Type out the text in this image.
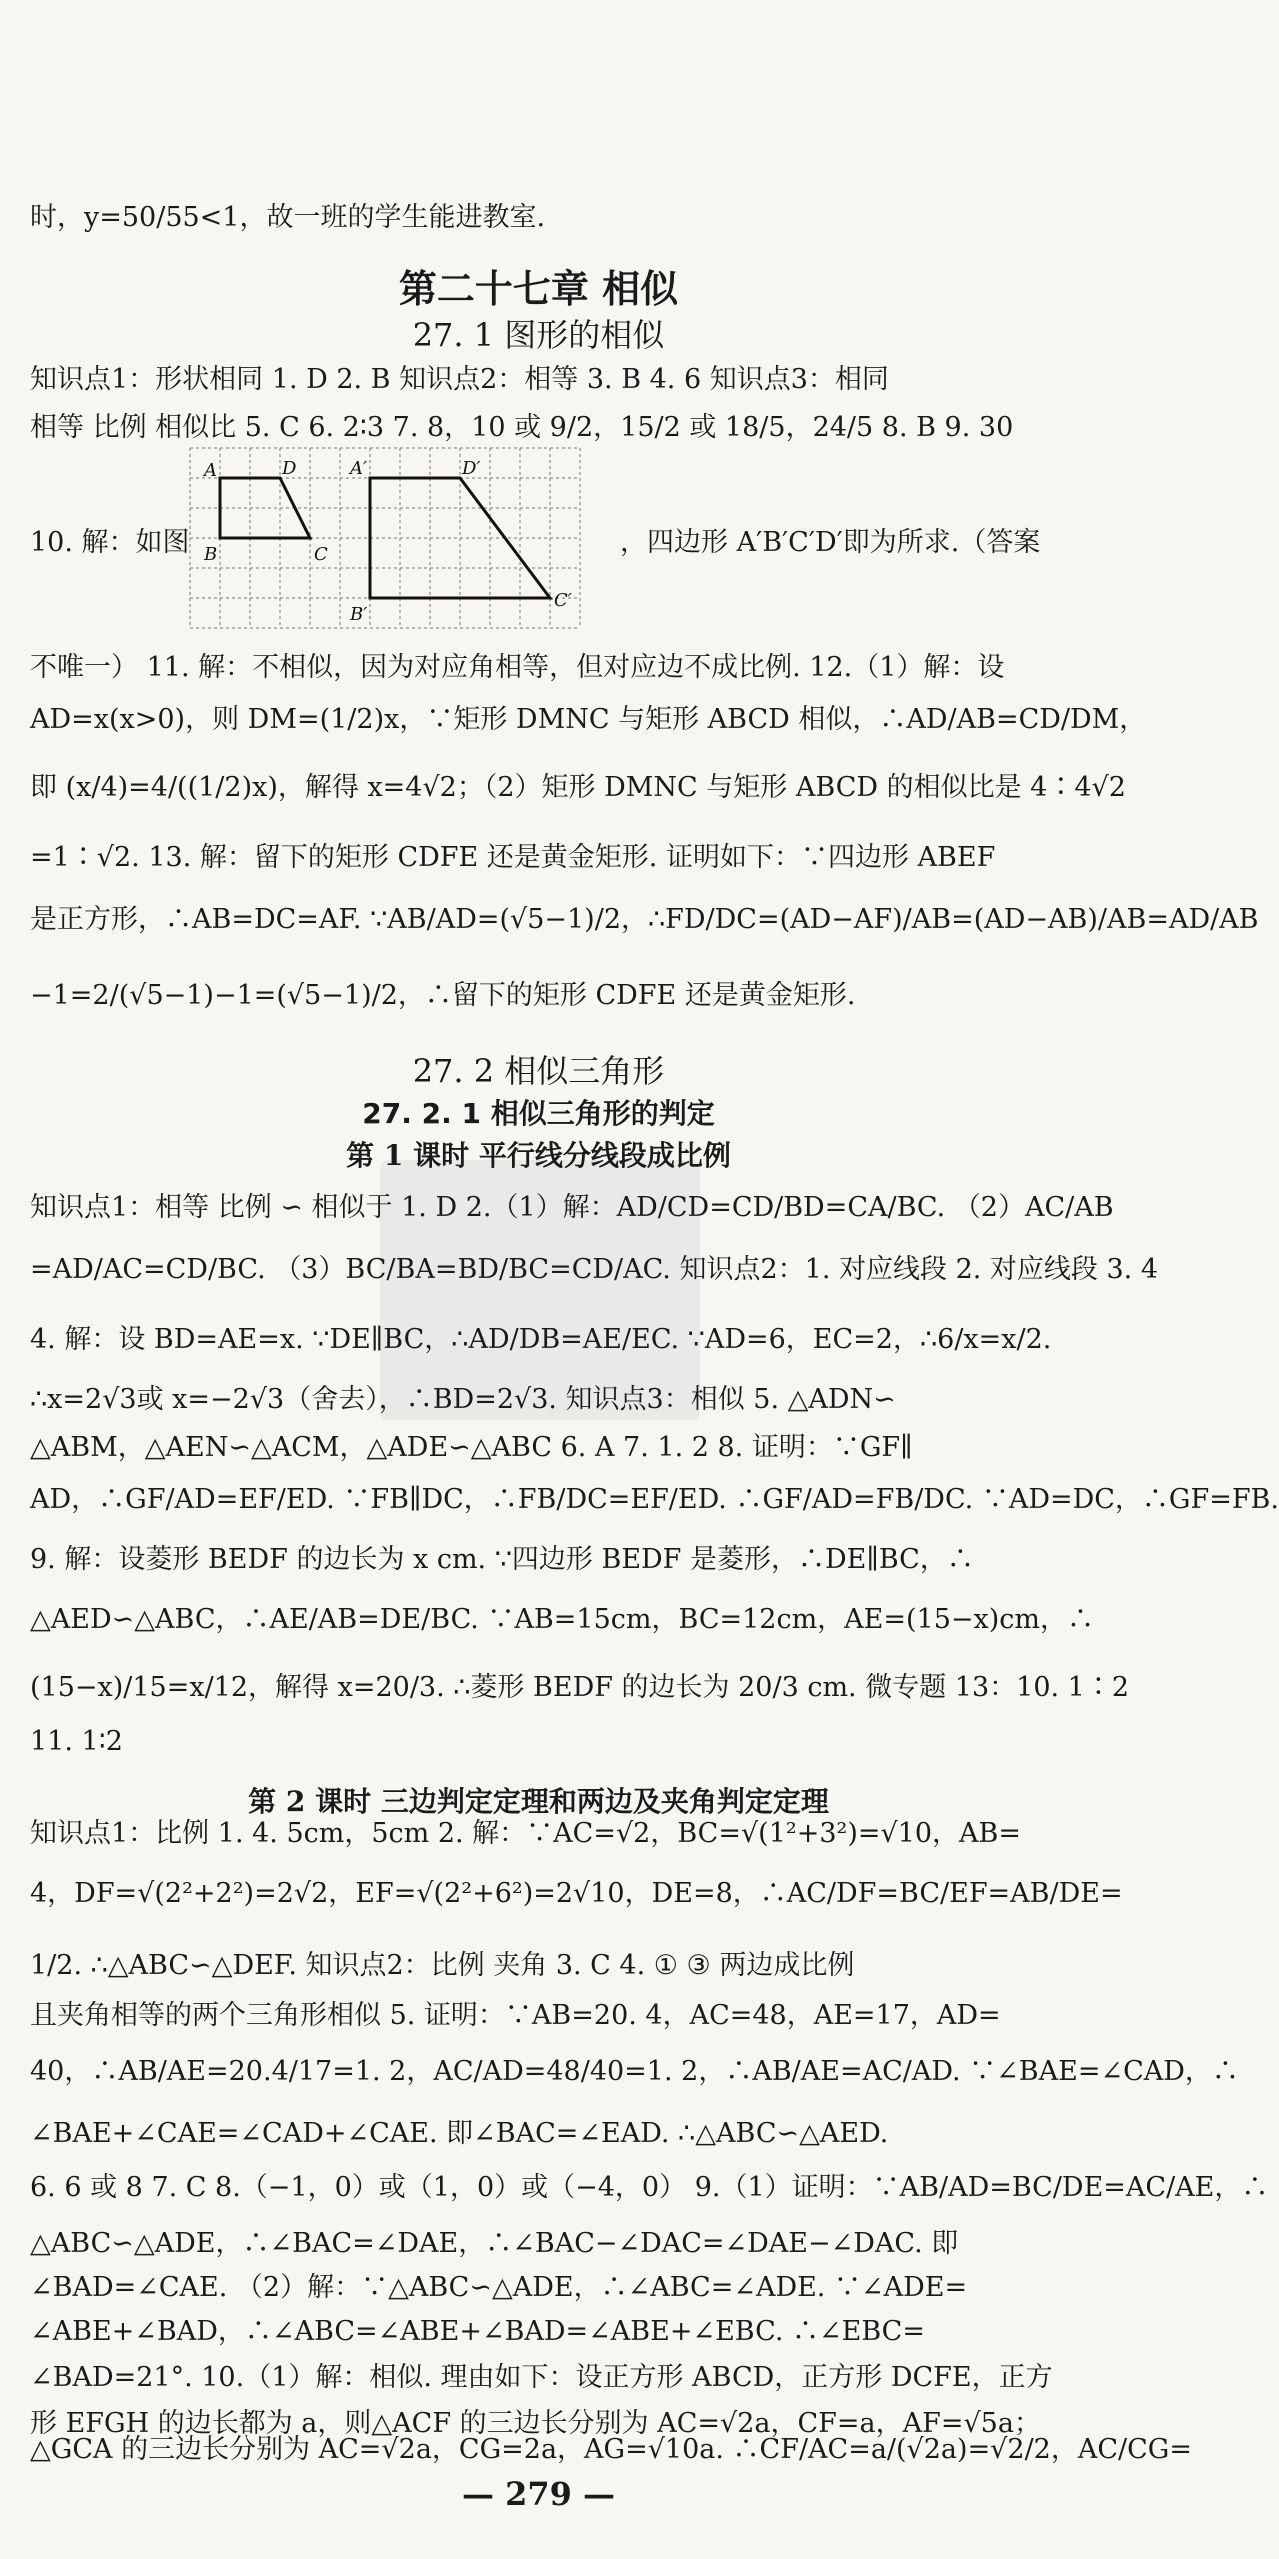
时，y=50/55<1，故一班的学生能进教室.
第二十七章 相似
27. 1 图形的相似
知识点1：形状相同 1. D 2. B 知识点2：相等 3. B 4. 6 知识点3：相同
相等 比例 相似比 5. C 6. 2∶3 7. 8，10 或 9/2，15/2 或 18/5，24/5 8. B 9. 30
10. 解：如图
A	D
B	C
A′	D′
B′
C′
，四边形 A′B′C′D′即为所求.（答案
不唯一） 11. 解：不相似，因为对应角相等，但对应边不成比例. 12.（1）解：设
AD=x(x>0)，则 DM=(1/2)x，∵矩形 DMNC 与矩形 ABCD 相似，∴AD/AB=CD/DM，
即 (x/4)=4/((1/2)x)，解得 x=4√2；（2）矩形 DMNC 与矩形 ABCD 的相似比是 4∶4√2
=1∶√2. 13. 解：留下的矩形 CDFE 还是黄金矩形. 证明如下：∵四边形 ABEF
是正方形，∴AB=DC=AF. ∵AB/AD=(√5−1)/2，∴FD/DC=(AD−AF)/AB=(AD−AB)/AB=AD/AB
−1=2/(√5−1)−1=(√5−1)/2，∴留下的矩形 CDFE 还是黄金矩形.
27. 2 相似三角形
27. 2. 1 相似三角形的判定
第 1 课时 平行线分线段成比例
知识点1：相等 比例 ∽ 相似于 1. D 2.（1）解：AD/CD=CD/BD=CA/BC. （2）AC/AB
=AD/AC=CD/BC. （3）BC/BA=BD/BC=CD/AC. 知识点2：1. 对应线段 2. 对应线段 3. 4
4. 解：设 BD=AE=x. ∵DE∥BC，∴AD/DB=AE/EC. ∵AD=6，EC=2，∴6/x=x/2.
∴x=2√3或 x=−2√3（舍去），∴BD=2√3. 知识点3：相似 5. △ADN∽
△ABM，△AEN∽△ACM，△ADE∽△ABC 6. A 7. 1. 2 8. 证明：∵GF∥
AD，∴GF/AD=EF/ED. ∵FB∥DC，∴FB/DC=EF/ED. ∴GF/AD=FB/DC. ∵AD=DC，∴GF=FB.
9. 解：设菱形 BEDF 的边长为 x cm. ∵四边形 BEDF 是菱形，∴DE∥BC，∴
△AED∽△ABC，∴AE/AB=DE/BC. ∵AB=15cm，BC=12cm，AE=(15−x)cm，∴
(15−x)/15=x/12，解得 x=20/3. ∴菱形 BEDF 的边长为 20/3 cm. 微专题 13：10. 1∶2
11. 1∶2
第 2 课时 三边判定定理和两边及夹角判定定理
知识点1：比例 1. 4. 5cm，5cm 2. 解：∵AC=√2，BC=√(1²+3²)=√10，AB=
4，DF=√(2²+2²)=2√2，EF=√(2²+6²)=2√10，DE=8，∴AC/DF=BC/EF=AB/DE=
1/2. ∴△ABC∽△DEF. 知识点2：比例 夹角 3. C 4. ① ③ 两边成比例
且夹角相等的两个三角形相似 5. 证明：∵AB=20. 4，AC=48，AE=17，AD=
40，∴AB/AE=20.4/17=1. 2，AC/AD=48/40=1. 2，∴AB/AE=AC/AD. ∵∠BAE=∠CAD，∴
∠BAE+∠CAE=∠CAD+∠CAE. 即∠BAC=∠EAD. ∴△ABC∽△AED.
6. 6 或 8 7. C 8.（−1，0）或（1，0）或（−4，0） 9.（1）证明：∵AB/AD=BC/DE=AC/AE，∴
△ABC∽△ADE，∴∠BAC=∠DAE，∴∠BAC−∠DAC=∠DAE−∠DAC. 即
∠BAD=∠CAE. （2）解：∵△ABC∽△ADE，∴∠ABC=∠ADE. ∵∠ADE=
∠ABE+∠BAD，∴∠ABC=∠ABE+∠BAD=∠ABE+∠EBC. ∴∠EBC=
∠BAD=21°. 10.（1）解：相似. 理由如下：设正方形 ABCD，正方形 DCFE，正方
形 EFGH 的边长都为 a，则△ACF 的三边长分别为 AC=√2a，CF=a，AF=√5a；
— 279 —
△GCA 的三边长分别为 AC=√2a，CG=2a，AG=√10a. ∴CF/AC=a/(√2a)=√2/2，AC/CG=
